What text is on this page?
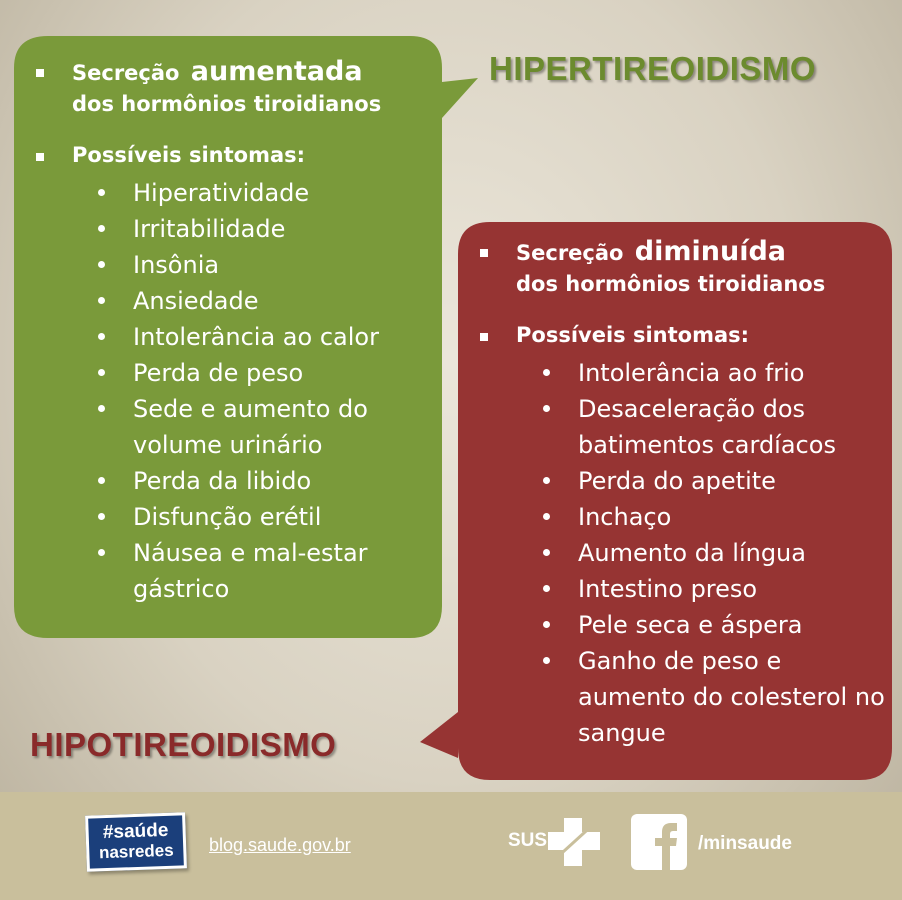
Secreção aumentada
dos hormônios tiroidianos
Possíveis sintomas:
Hiperatividade
Irritabilidade
Insônia
Ansiedade
Intolerância ao calor
Perda de peso
Sede e aumento do volume urinário
Perda da libido
Disfunção erétil
Náusea e mal-estar gástrico
HIPERTIREOIDISMO
Secreção diminuída
dos hormônios tiroidianos
Possíveis sintomas:
Intolerância ao frio
Desaceleração dos batimentos cardíacos
Perda do apetite
Inchaço
Aumento da língua
Intestino preso
Pele seca e áspera
Ganho de peso e aumento do colesterol no sangue
HIPOTIREOIDISMO
#saúde
nasredes	blog.saude.gov.br	SUS	/minsaude
